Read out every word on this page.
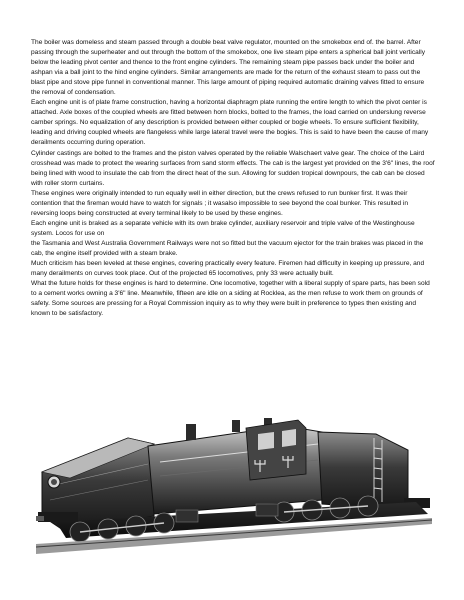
The boiler was domeless and steam passed through a double beat valve regulator, mounted on the smokebox end of. the barrel. After passing through the superheater and out through the bottom of the smokebox, one live steam pipe enters a spherical ball joint vertically below the leading pivot center and thence to the front engine cylinders. The remaining steam pipe passes back under the boiler and ashpan via a ball joint to the hind engine cylinders. Similar arrangements are made for the return of the exhaust steam to pass out the blast pipe and stove pipe funnel in conventional manner. This large amount of piping required automatic draining valves fitted to ensure the removal of condensation.

Each engine unit is of plate frame construction, having a horizontal diaphragm plate running the entire length to which the pivot center is attached. Axle boxes of the coupled wheels are fitted between horn blocks, bolted to the frames, the load carried on underslung reverse camber springs. No equalization of any description is provided between either coupled or bogie wheels. To ensure sufficient flexibility, leading and driving coupled wheels are flangeless while large lateral travel were the bogies. This is said to have been the cause of many derailments occurring during operation.

Cylinder castings are bolted to the frames and the piston valves operated by the reliable Walschaert valve gear. The choice of the Laird crosshead was made to protect the wearing surfaces from sand storm effects. The cab is the largest yet provided on the 3'6" lines, the roof being lined with wood to insulate the cab from the direct heat of the sun. Allowing for sudden tropical downpours, the cab can be closed with roller storm curtains.

These engines were originally intended to run equally well in either direction, but the crews refused to run bunker first. It was their contention that the fireman would have to watch for signals ; it wasalso impossible to see beyond the coal bunker. This resulted in reversing loops being constructed at every terminal likely to be used by these engines.

Each engine unit is braked as a separate vehicle with its own brake cylinder, auxiliary reservoir and triple valve of the Westinghouse system. Locos for use on

the Tasmania and West Australia Government Railways were not so fitted but the vacuum ejector for the train brakes was placed in the cab, the engine itself provided with a steam brake.

Much criticism has been leveled at these engines, covering practically every feature. Firemen had difficulty in keeping up pressure, and many derailments on curves took place. Out of the projected 65 locomotives, pnly 33 were actually built.

What the future holds for these engines is hard to determine. One locomotive, together with a liberal supply of spare parts, has been sold to a cement works owning a 3'6" line. Meanwhile, fifteen are idle on a siding at Rocklea, as the men refuse to work them on grounds of safety. Some sources are pressing for a Royal Commission inquiry as to why they were built in preference to types then existing and known to be satisfactory.
